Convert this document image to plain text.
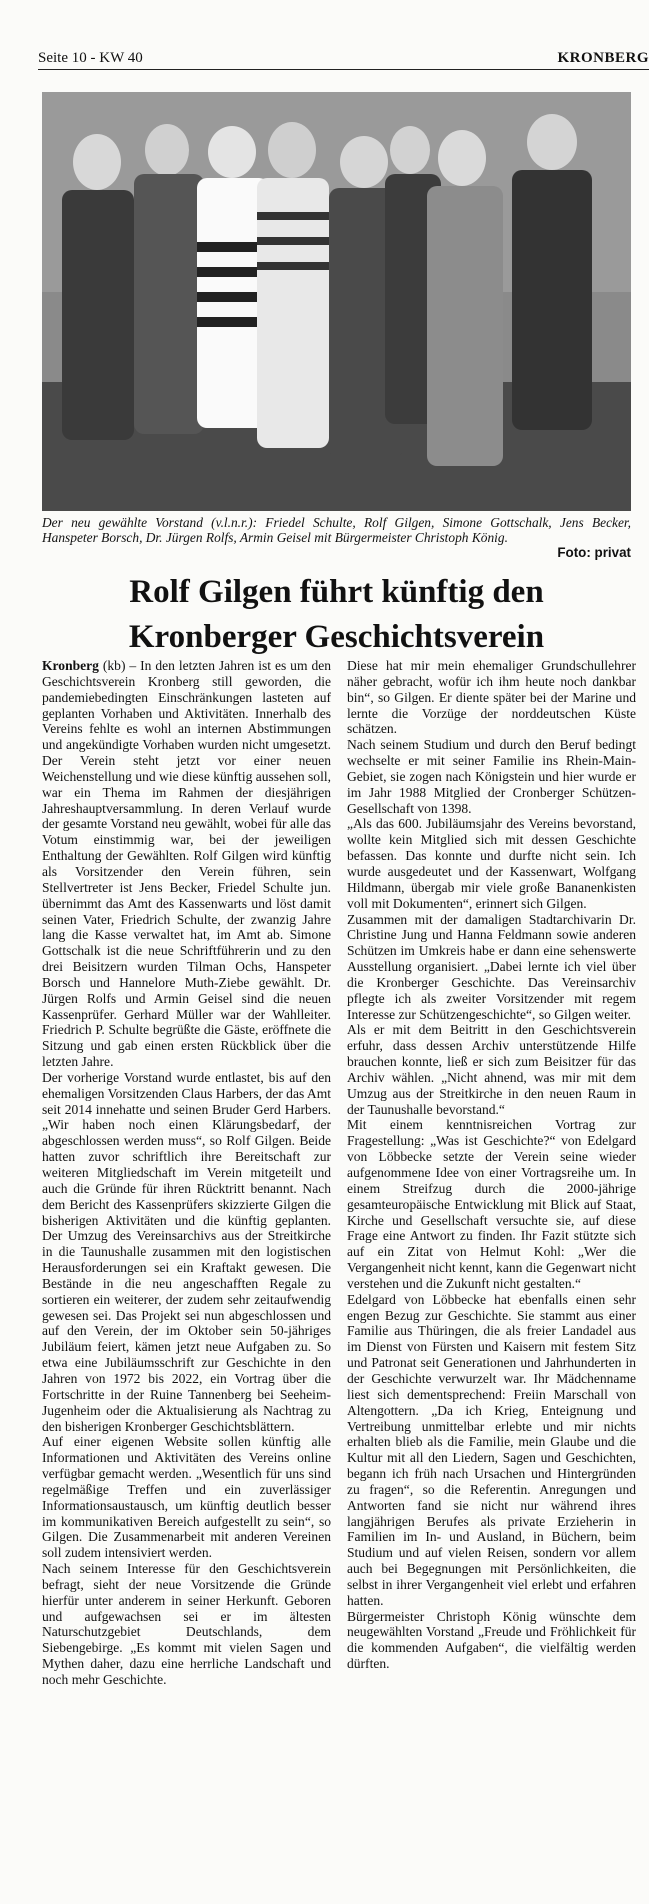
Seite 10 - KW 40	KRONBERG
Der neu gewählte Vorstand (v.l.n.r.): Friedel Schulte, Rolf Gilgen, Simone Gottschalk, Jens Becker, Hanspeter Borsch, Dr. Jürgen Rolfs, Armin Geisel mit Bürgermeister Christoph König.
Foto: privat
Rolf Gilgen führt künftig den
Kronberger Geschichtsverein

Kronberg (kb) – In den letzten Jahren ist es um den Geschichtsverein Kronberg still geworden, die pandemiebedingten Einschränkungen lasteten auf geplanten Vorhaben und Aktivitäten. Innerhalb des Vereins fehlte es wohl an internen Abstimmungen und angekündigte Vorhaben wurden nicht umgesetzt. Der Verein steht jetzt vor einer neuen Weichenstellung und wie diese künftig aussehen soll, war ein Thema im Rahmen der diesjährigen Jahreshauptversammlung. In deren Verlauf wurde der gesamte Vorstand neu gewählt, wobei für alle das Votum einstimmig war, bei der jeweiligen Enthaltung der Gewählten. Rolf Gilgen wird künftig als Vorsitzender den Verein führen, sein Stellvertreter ist Jens Becker, Friedel Schulte jun. übernimmt das Amt des Kassenwarts und löst damit seinen Vater, Friedrich Schulte, der zwanzig Jahre lang die Kasse verwaltet hat, im Amt ab. Simone Gottschalk ist die neue Schriftführerin und zu den drei Beisitzern wurden Tilman Ochs, Hanspeter Borsch und Hannelore Muth-Ziebe gewählt. Dr. Jürgen Rolfs und Armin Geisel sind die neuen Kassenprüfer. Gerhard Müller war der Wahlleiter. Friedrich P. Schulte begrüßte die Gäste, eröffnete die Sitzung und gab einen ersten Rückblick über die letzten Jahre.

Der vorherige Vorstand wurde entlastet, bis auf den ehemaligen Vorsitzenden Claus Harbers, der das Amt seit 2014 innehatte und seinen Bruder Gerd Harbers. „Wir haben noch einen Klärungsbedarf, der abgeschlossen werden muss“, so Rolf Gilgen. Beide hatten zuvor schriftlich ihre Bereitschaft zur weiteren Mitgliedschaft im Verein mitgeteilt und auch die Gründe für ihren Rücktritt benannt. Nach dem Bericht des Kassenprüfers skizzierte Gilgen die bisherigen Aktivitäten und die künftig geplanten. Der Umzug des Vereinsarchivs aus der Streitkirche in die Taunushalle zusammen mit den logistischen Herausforderungen sei ein Kraftakt gewesen. Die Bestände in die neu angeschafften Regale zu sortieren ein weiterer, der zudem sehr zeitaufwendig gewesen sei. Das Projekt sei nun abgeschlossen und auf den Verein, der im Oktober sein 50-jähriges Jubiläum feiert, kämen jetzt neue Aufgaben zu. So etwa eine Jubiläumsschrift zur Geschichte in den Jahren von 1972 bis 2022, ein Vortrag über die Fortschritte in der Ruine Tannenberg bei Seeheim-Jugenheim oder die Aktualisierung als Nachtrag zu den bisherigen Kronberger Geschichtsblättern.

Auf einer eigenen Website sollen künftig alle Informationen und Aktivitäten des Vereins online verfügbar gemacht werden. „Wesentlich für uns sind regelmäßige Treffen und ein zuverlässiger Informationsaustausch, um künftig deutlich besser im kommunikativen Bereich aufgestellt zu sein“, so Gilgen. Die Zusammenarbeit mit anderen Vereinen soll zudem intensiviert werden.

Nach seinem Interesse für den Geschichtsverein befragt, sieht der neue Vorsitzende die Gründe hierfür unter anderem in seiner Herkunft. Geboren und aufgewachsen sei er im ältesten Naturschutzgebiet Deutschlands, dem Siebengebirge. „Es kommt mit vielen Sagen und Mythen daher, dazu eine herrliche Landschaft und noch mehr Geschichte.

Diese hat mir mein ehemaliger Grundschullehrer näher gebracht, wofür ich ihm heute noch dankbar bin“, so Gilgen. Er diente später bei der Marine und lernte die Vorzüge der norddeutschen Küste schätzen.

Nach seinem Studium und durch den Beruf bedingt wechselte er mit seiner Familie ins Rhein-Main-Gebiet, sie zogen nach Königstein und hier wurde er im Jahr 1988 Mitglied der Cronberger Schützen-Gesellschaft von 1398.

„Als das 600. Jubiläumsjahr des Vereins bevorstand, wollte kein Mitglied sich mit dessen Geschichte befassen. Das konnte und durfte nicht sein. Ich wurde ausgedeutet und der Kassenwart, Wolfgang Hildmann, übergab mir viele große Bananenkisten voll mit Dokumenten“, erinnert sich Gilgen.

Zusammen mit der damaligen Stadtarchivarin Dr. Christine Jung und Hanna Feldmann sowie anderen Schützen im Umkreis habe er dann eine sehenswerte Ausstellung organisiert. „Dabei lernte ich viel über die Kronberger Geschichte. Das Vereinsarchiv pflegte ich als zweiter Vorsitzender mit regem Interesse zur Schützengeschichte“, so Gilgen weiter.

Als er mit dem Beitritt in den Geschichtsverein erfuhr, dass dessen Archiv unterstützende Hilfe brauchen konnte, ließ er sich zum Beisitzer für das Archiv wählen. „Nicht ahnend, was mir mit dem Umzug aus der Streitkirche in den neuen Raum in der Taunushalle bevorstand.“

Mit einem kenntnisreichen Vortrag zur Fragestellung: „Was ist Geschichte?“ von Edelgard von Löbbecke setzte der Verein seine wieder aufgenommene Idee von einer Vortragsreihe um. In einem Streifzug durch die 2000-jährige gesamteuropäische Entwicklung mit Blick auf Staat, Kirche und Gesellschaft versuchte sie, auf diese Frage eine Antwort zu finden. Ihr Fazit stützte sich auf ein Zitat von Helmut Kohl: „Wer die Vergangenheit nicht kennt, kann die Gegenwart nicht verstehen und die Zukunft nicht gestalten.“

Edelgard von Löbbecke hat ebenfalls einen sehr engen Bezug zur Geschichte. Sie stammt aus einer Familie aus Thüringen, die als freier Landadel aus im Dienst von Fürsten und Kaisern mit festem Sitz und Patronat seit Generationen und Jahrhunderten in der Geschichte verwurzelt war. Ihr Mädchenname liest sich dementsprechend: Freiin Marschall von Altengottern. „Da ich Krieg, Enteignung und Vertreibung unmittelbar erlebte und mir nichts erhalten blieb als die Familie, mein Glaube und die Kultur mit all den Liedern, Sagen und Geschichten, begann ich früh nach Ursachen und Hintergründen zu fragen“, so die Referentin. Anregungen und Antworten fand sie nicht nur während ihres langjährigen Berufes als private Erzieherin in Familien im In- und Ausland, in Büchern, beim Studium und auf vielen Reisen, sondern vor allem auch bei Begegnungen mit Persönlichkeiten, die selbst in ihrer Vergangenheit viel erlebt und erfahren hatten.

Bürgermeister Christoph König wünschte dem neugewählten Vorstand „Freude und Fröhlichkeit für die kommenden Aufgaben“, die vielfältig werden dürften.
